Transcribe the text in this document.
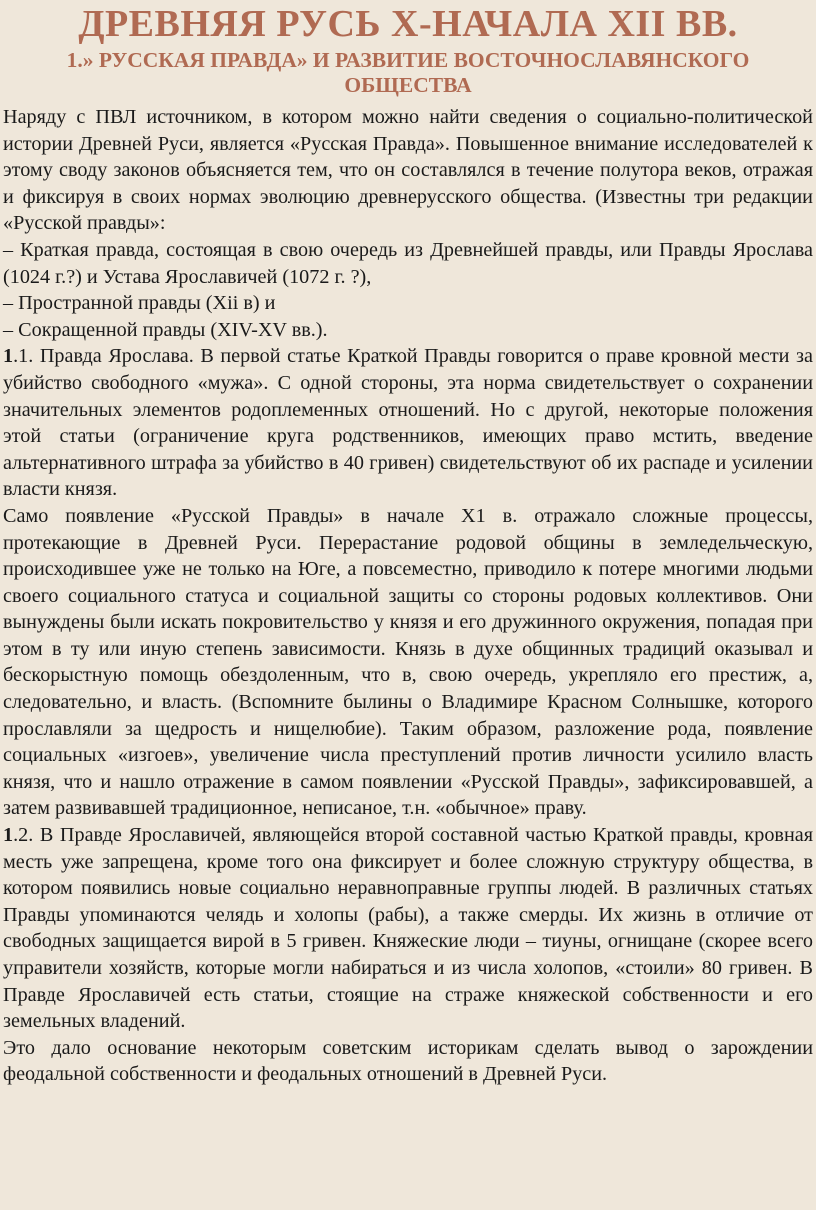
ДРЕВНЯЯ РУСЬ X-НАЧАЛА XII ВВ.
1.» РУССКАЯ ПРАВДА» И РАЗВИТИЕ ВОСТОЧНОСЛАВЯНСКОГО ОБЩЕСТВА

Наряду с ПВЛ источником, в котором можно найти сведения о социально-политической истории Древней Руси, является «Русская Правда». Повышенное внимание исследователей к этому своду законов объясняется тем, что он составлялся в течение полутора веков, отражая и фиксируя в своих нормах эволюцию древнерусского общества. (Известны три редакции «Русской правды»:

– Краткая правда, состоящая в свою очередь из Древнейшей правды, или Правды Ярослава (1024 г.?) и Устава Ярославичей (1072 г. ?),

– Пространной правды (Xii в) и

– Сокращенной правды (XIV-XV вв.).

1.1. Правда Ярослава. В первой статье Краткой Правды говорится о праве кровной мести за убийство свободного «мужа». С одной стороны, эта норма свидетельствует о сохранении значительных элементов родоплеменных отношений. Но с другой, некоторые положения этой статьи (ограничение круга родственников, имеющих право мстить, введение альтернативного штрафа за убийство в 40 гривен) свидетельствуют об их распаде и усилении власти князя.

Само появление «Русской Правды» в начале Х1 в. отражало сложные процессы, протекающие в Древней Руси. Перерастание родовой общины в земледельческую, происходившее уже не только на Юге, а повсеместно, приводило к потере многими людьми своего социального статуса и социальной защиты со стороны родовых коллективов. Они вынуждены были искать покровительство у князя и его дружинного окружения, попадая при этом в ту или иную степень зависимости. Князь в духе общинных традиций оказывал и бескорыстную помощь обездоленным, что в, свою очередь, укрепляло его престиж, а, следовательно, и власть. (Вспомните былины о Владимире Красном Солнышке, которого прославляли за щедрость и нищелюбие). Таким образом, разложение рода, появление социальных «изгоев», увеличение числа преступлений против личности усилило власть князя, что и нашло отражение в самом появлении «Русской Правды», зафиксировавшей, а затем развивавшей традиционное, неписаное, т.н. «обычное» праву.

1.2. В Правде Ярославичей, являющейся второй составной частью Краткой правды, кровная месть уже запрещена, кроме того она фиксирует и более сложную структуру общества, в котором появились новые социально неравноправные группы людей. В различных статьях Правды упоминаются челядь и холопы (рабы), а также смерды. Их жизнь в отличие от свободных защищается вирой в 5 гривен. Княжеские люди – тиуны, огнищане (скорее всего управители хозяйств, которые могли набираться и из числа холопов, «стоили» 80 гривен. В Правде Ярославичей есть статьи, стоящие на страже княжеской собственности и его земельных владений.

Это дало основание некоторым советским историкам сделать вывод о зарождении феодальной собственности и феодальных отношений в Древней Руси.
